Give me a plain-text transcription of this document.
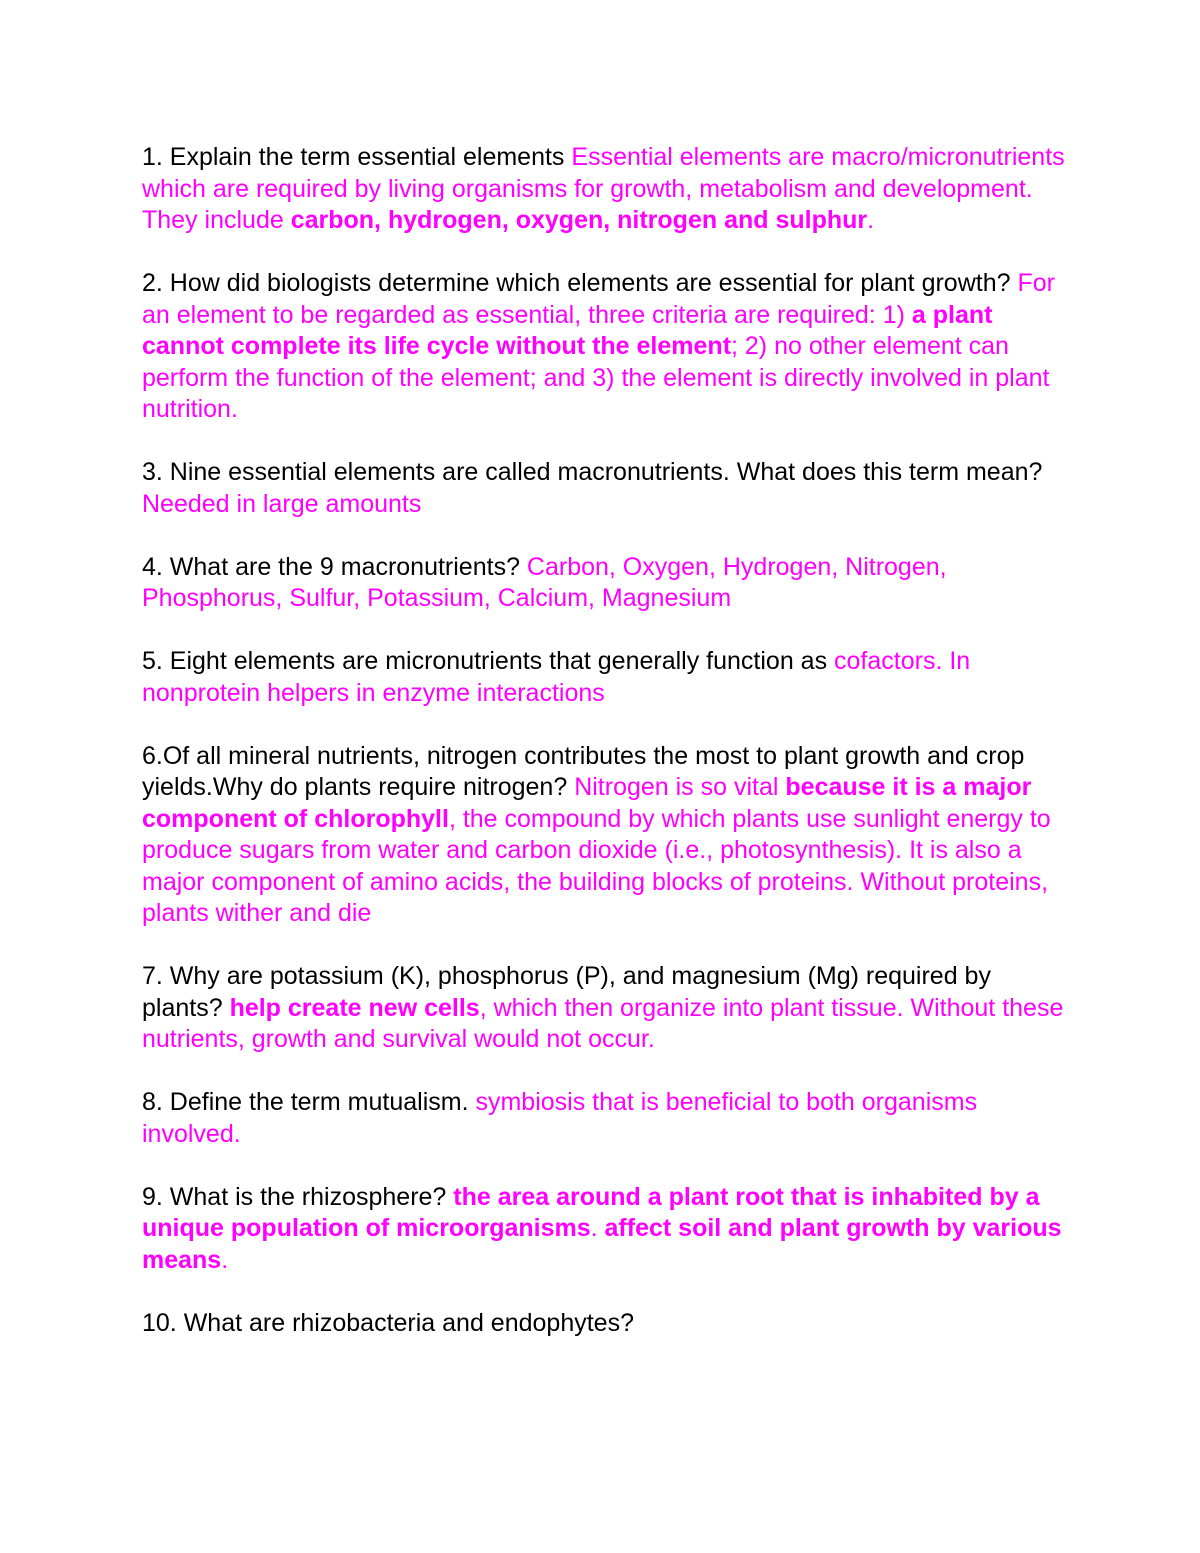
1. Explain the term essential elements Essential elements are macro/micronutrients which are required by living organisms for growth, metabolism and development. They include carbon, hydrogen, oxygen, nitrogen and sulphur.

2. How did biologists determine which elements are essential for plant growth? For an element to be regarded as essential, three criteria are required: 1) a plant cannot complete its life cycle without the element; 2) no other element can perform the function of the element; and 3) the element is directly involved in plant nutrition.

3. Nine essential elements are called macronutrients. What does this term mean? Needed in large amounts

4. What are the 9 macronutrients? Carbon, Oxygen, Hydrogen, Nitrogen, Phosphorus, Sulfur, Potassium, Calcium, Magnesium

5. Eight elements are micronutrients that generally function as cofactors. In nonprotein helpers in enzyme interactions

6.Of all mineral nutrients, nitrogen contributes the most to plant growth and crop yields.Why do plants require nitrogen? Nitrogen is so vital because it is a major component of chlorophyll, the compound by which plants use sunlight energy to produce sugars from water and carbon dioxide (i.e., photosynthesis). It is also a major component of amino acids, the building blocks of proteins. Without proteins, plants wither and die

7. Why are potassium (K), phosphorus (P), and magnesium (Mg) required by plants? help create new cells, which then organize into plant tissue. Without these nutrients, growth and survival would not occur.

8. Define the term mutualism. symbiosis that is beneficial to both organisms involved.

9. What is the rhizosphere? the area around a plant root that is inhabited by a unique population of microorganisms. affect soil and plant growth by various means.

10. What are rhizobacteria and endophytes?
